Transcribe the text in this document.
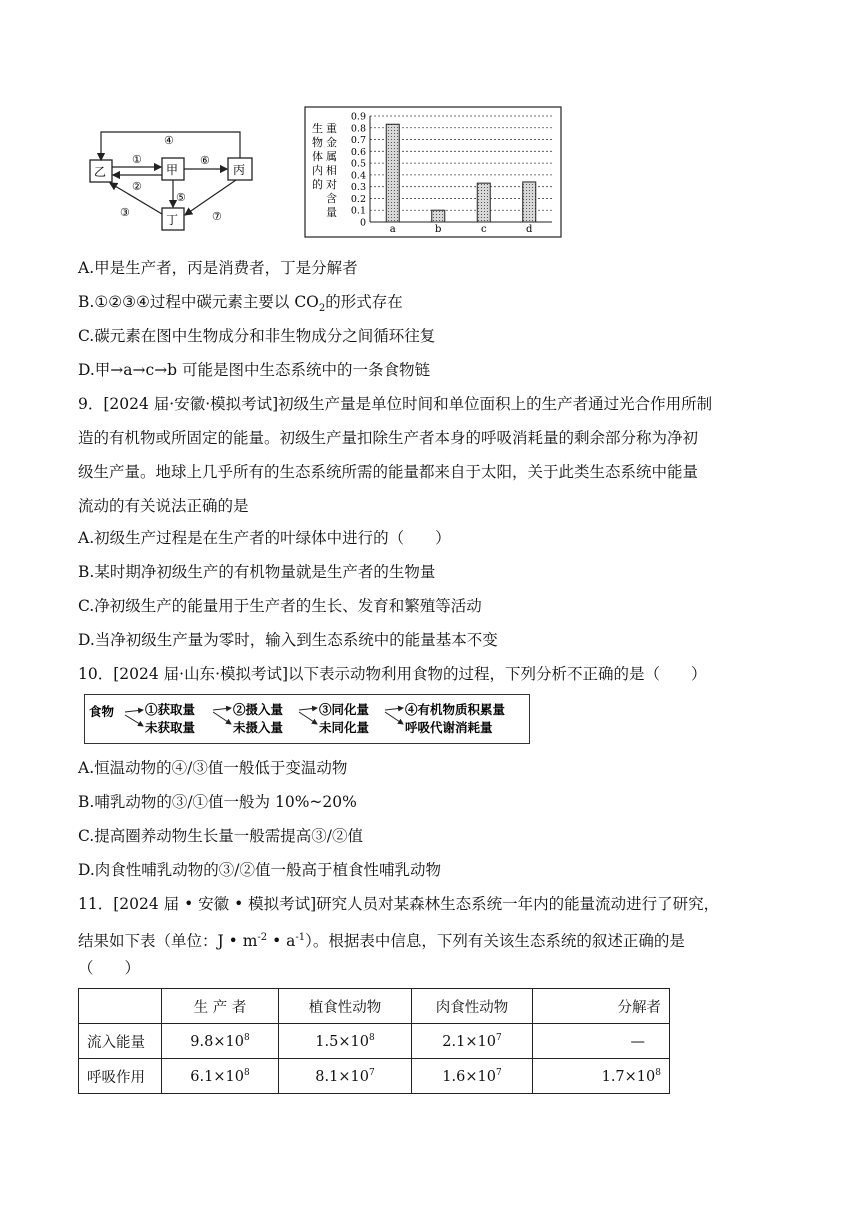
乙	甲	丙
丁
④
①
②
⑥
⑤
③	⑦
生
物
体
内
的
重
金
属
相
对
含
量
0
0.1
0.2
0.3
0.4
0.5
0.6
0.7
0.8
0.9
a	b	c	d
A.甲是生产者，丙是消费者，丁是分解者
B.①②③④过程中碳元素主要以 $CO_2$的形式存在
C.碳元素在图中生物成分和非生物成分之间循环往复
D.甲→a→c→b 可能是图中生态系统中的一条食物链
9．[2024 届·安徽·模拟考试]初级生产量是单位时间和单位面积上的生产者通过光合作用所制
造的有机物或所固定的能量。初级生产量扣除生产者本身的呼吸消耗量的剩余部分称为净初
级生产量。地球上几乎所有的生态系统所需的能量都来自于太阳，关于此类生态系统中能量
流动的有关说法正确的是
A.初级生产过程是在生产者的叶绿体中进行的（　　）
B.某时期净初级生产的有机物量就是生产者的生物量
C.净初级生产的能量用于生产者的生长、发育和繁殖等活动
D.当净初级生产量为零时，输入到生态系统中的能量基本不变
10．[2024 届·山东·模拟考试]以下表示动物利用食物的过程，下列分析不正确的是（　　）
食物 ①获取量
未获取量
②摄入量
未摄入量
③同化量
未同化量
④有机物质积累量
呼吸代谢消耗量
A.恒温动物的④/③值一般低于变温动物
B.哺乳动物的③/①值一般为 10%~20%
C.提高圈养动物生长量一般需提高③/②值
D.肉食性哺乳动物的③/②值一般高于植食性哺乳动物
11．[2024 届 • 安徽 • 模拟考试]研究人员对某森林生态系统一年内的能量流动进行了研究，
结果如下表（单位：J • $m^{-2}$ • $a^{-1}$）。根据表中信息，下列有关该生态系统的叙述正确的是
（　　）
	生 产 者	植食性动物	肉食性动物	分解者
流入能量	$9.8\times 10^8$	$1.5\times 10^8$	$2.1\times 10^7$	—
呼吸作用	$6.1\times 10^8$	$8.1\times 10^7$	$1.6\times 10^7$	$1.7\times 10^8$
